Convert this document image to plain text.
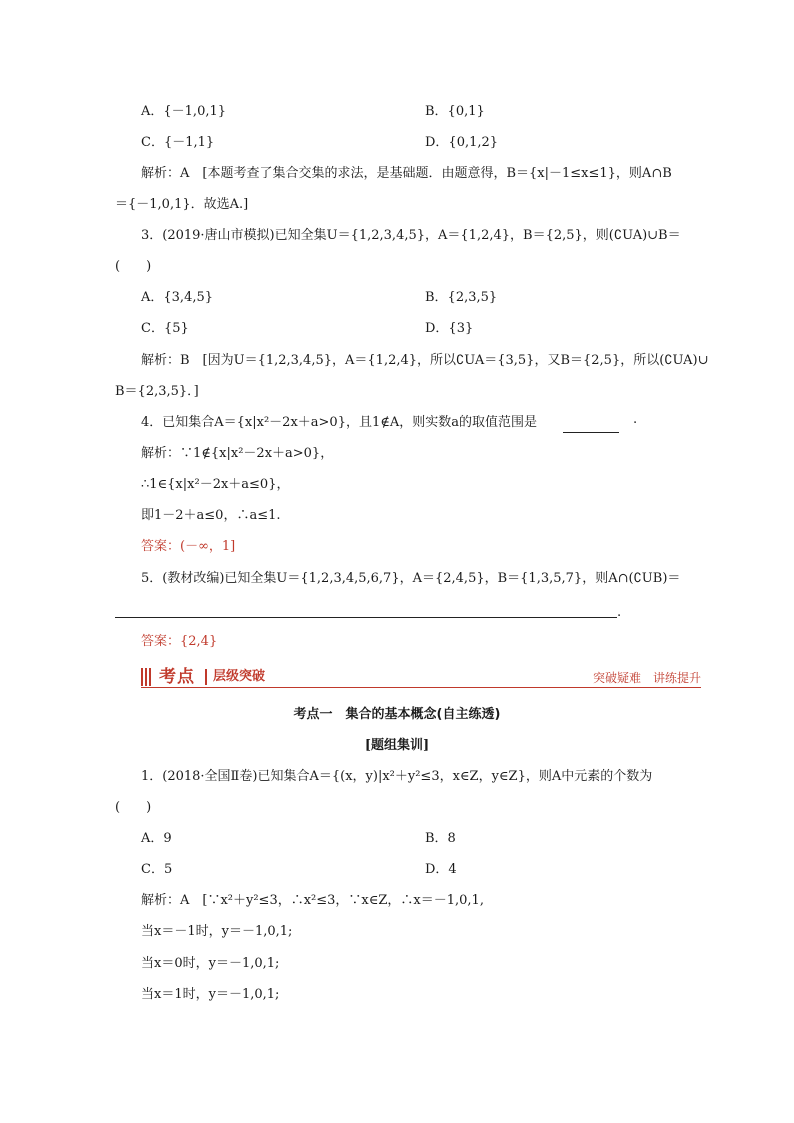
A．{－1,0,1}	B．{0,1}
C．{－1,1}	D．{0,1,2}
解析：A　[本题考查了集合交集的求法，是基础题．由题意得，B＝{x|－1≤x≤1}，则A∩B
＝{－1,0,1}．故选A.]
3．(2019·唐山市模拟)已知全集U＝{1,2,3,4,5}，A＝{1,2,4}，B＝{2,5}，则(∁UA)∪B＝
(　　)
A．{3,4,5}	B．{2,3,5}
C．{5}	D．{3}
解析：B　[因为U＝{1,2,3,4,5}，A＝{1,2,4}，所以∁UA＝{3,5}，又B＝{2,5}，所以(∁UA)∪
B＝{2,3,5}．]
4．已知集合A＝{x|x²－2x＋a>0}，且1∉A，则实数a的取值范围是	.
解析：∵1∉{x|x²－2x＋a>0}，
∴1∈{x|x²－2x＋a≤0}，
即1－2＋a≤0，∴a≤1.
答案：(－∞，1]
5．(教材改编)已知全集U＝{1,2,3,4,5,6,7}，A＝{2,4,5}，B＝{1,3,5,7}，则A∩(∁UB)＝
.
答案：{2,4}
考点 层级突破	突破疑难　讲练提升
考点一　集合的基本概念(自主练透)
[题组集训]
1．(2018·全国Ⅱ卷)已知集合A＝{(x，y)|x²＋y²≤3，x∈Z，y∈Z}，则A中元素的个数为
(　　)
A．9	B．8
C．5	D．4
解析：A　[∵x²＋y²≤3，∴x²≤3，∵x∈Z，∴x＝－1,0,1,
当x＝－1时，y＝－1,0,1;
当x＝0时，y＝－1,0,1;
当x＝1时，y＝－1,0,1;
